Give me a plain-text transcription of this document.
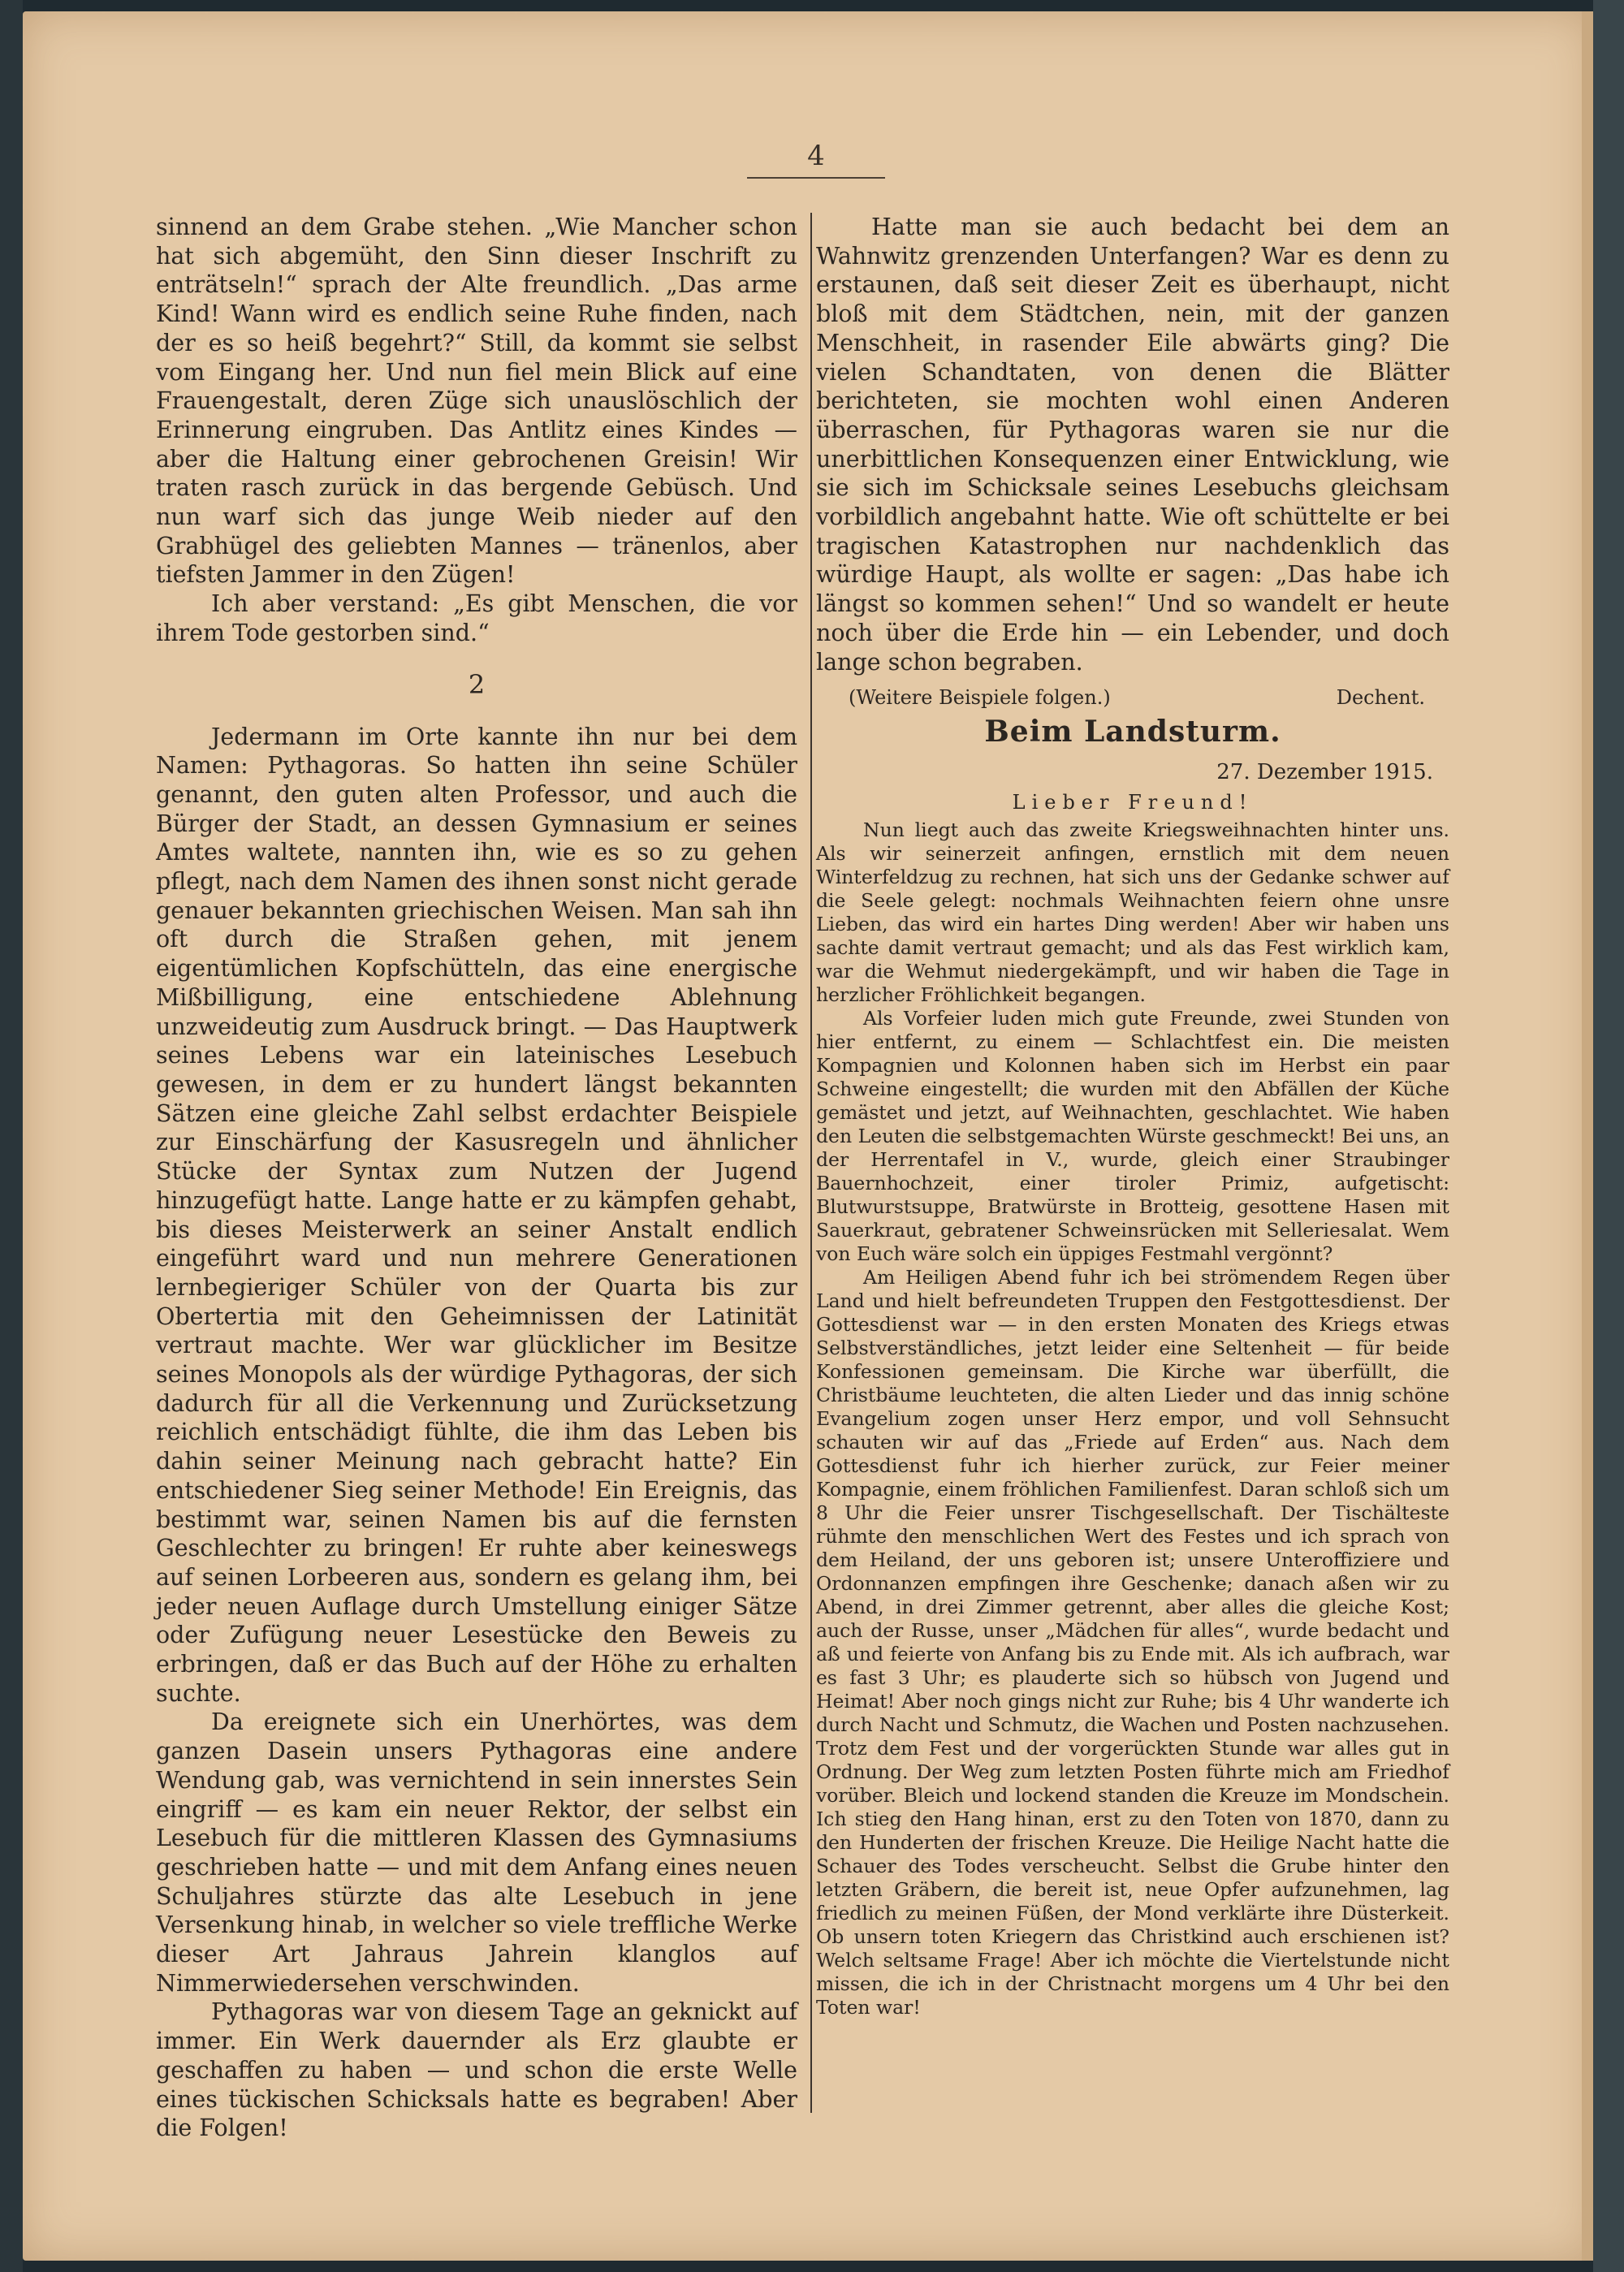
4

sinnend an dem Grabe stehen. „Wie Mancher schon hat sich abgemüht, den Sinn dieser Inschrift zu enträtseln!“ sprach der Alte freundlich. „Das arme Kind! Wann wird es endlich seine Ruhe finden, nach der es so heiß begehrt?“ Still, da kommt sie selbst vom Eingang her. Und nun fiel mein Blick auf eine Frauengestalt, deren Züge sich unauslöschlich der Erinnerung eingruben. Das Antlitz eines Kindes — aber die Haltung einer gebrochenen Greisin! Wir traten rasch zurück in das bergende Gebüsch. Und nun warf sich das junge Weib nieder auf den Grabhügel des geliebten Mannes — tränenlos, aber tiefsten Jammer in den Zügen!

Ich aber verstand: „Es gibt Menschen, die vor ihrem Tode gestorben sind.“

2

Jedermann im Orte kannte ihn nur bei dem Namen: Pythagoras. So hatten ihn seine Schüler genannt, den guten alten Professor, und auch die Bürger der Stadt, an dessen Gymnasium er seines Amtes waltete, nannten ihn, wie es so zu gehen pflegt, nach dem Namen des ihnen sonst nicht gerade genauer bekannten griechischen Weisen. Man sah ihn oft durch die Straßen gehen, mit jenem eigentümlichen Kopfschütteln, das eine energische Mißbilligung, eine entschiedene Ablehnung unzweideutig zum Ausdruck bringt. — Das Hauptwerk seines Lebens war ein lateinisches Lesebuch gewesen, in dem er zu hundert längst bekannten Sätzen eine gleiche Zahl selbst erdachter Beispiele zur Einschärfung der Kasusregeln und ähnlicher Stücke der Syntax zum Nutzen der Jugend hinzugefügt hatte. Lange hatte er zu kämpfen gehabt, bis dieses Meisterwerk an seiner Anstalt endlich eingeführt ward und nun mehrere Generationen lernbegieriger Schüler von der Quarta bis zur Obertertia mit den Geheimnissen der Latinität vertraut machte. Wer war glücklicher im Besitze seines Monopols als der würdige Pythagoras, der sich dadurch für all die Verkennung und Zurücksetzung reichlich entschädigt fühlte, die ihm das Leben bis dahin seiner Meinung nach gebracht hatte? Ein entschiedener Sieg seiner Methode! Ein Ereignis, das bestimmt war, seinen Namen bis auf die fernsten Geschlechter zu bringen! Er ruhte aber keineswegs auf seinen Lorbeeren aus, sondern es gelang ihm, bei jeder neuen Auflage durch Umstellung einiger Sätze oder Zufügung neuer Lesestücke den Beweis zu erbringen, daß er das Buch auf der Höhe zu erhalten suchte.

Da ereignete sich ein Unerhörtes, was dem ganzen Dasein unsers Pythagoras eine andere Wendung gab, was vernichtend in sein innerstes Sein eingriff — es kam ein neuer Rektor, der selbst ein Lesebuch für die mittleren Klassen des Gymnasiums geschrieben hatte — und mit dem Anfang eines neuen Schuljahres stürzte das alte Lesebuch in jene Versenkung hinab, in welcher so viele treffliche Werke dieser Art Jahraus Jahrein klanglos auf Nimmerwiedersehen verschwinden.

Pythagoras war von diesem Tage an geknickt auf immer. Ein Werk dauernder als Erz glaubte er geschaffen zu haben — und schon die erste Welle eines tückischen Schicksals hatte es begraben! Aber die Folgen!

Hatte man sie auch bedacht bei dem an Wahnwitz grenzenden Unterfangen? War es denn zu erstaunen, daß seit dieser Zeit es überhaupt, nicht bloß mit dem Städtchen, nein, mit der ganzen Menschheit, in rasender Eile abwärts ging? Die vielen Schandtaten, von denen die Blätter berichteten, sie mochten wohl einen Anderen überraschen, für Pythagoras waren sie nur die unerbittlichen Konsequenzen einer Entwicklung, wie sie sich im Schicksale seines Lesebuchs gleichsam vorbildlich angebahnt hatte. Wie oft schüttelte er bei tragischen Katastrophen nur nachdenklich das würdige Haupt, als wollte er sagen: „Das habe ich längst so kommen sehen!“ Und so wandelt er heute noch über die Erde hin — ein Lebender, und doch lange schon begraben.

(Weitere Beispiele folgen.)	Dechent.
Beim Landsturm.
27. Dezember 1915.
Lieber Freund!

Nun liegt auch das zweite Kriegsweihnachten hinter uns. Als wir seinerzeit anfingen, ernstlich mit dem neuen Winterfeldzug zu rechnen, hat sich uns der Gedanke schwer auf die Seele gelegt: nochmals Weihnachten feiern ohne unsre Lieben, das wird ein hartes Ding werden! Aber wir haben uns sachte damit vertraut gemacht; und als das Fest wirklich kam, war die Wehmut niedergekämpft, und wir haben die Tage in herzlicher Fröhlichkeit begangen.

Als Vorfeier luden mich gute Freunde, zwei Stunden von hier entfernt, zu einem — Schlachtfest ein. Die meisten Kompagnien und Kolonnen haben sich im Herbst ein paar Schweine eingestellt; die wurden mit den Abfällen der Küche gemästet und jetzt, auf Weihnachten, geschlachtet. Wie haben den Leuten die selbstgemachten Würste geschmeckt! Bei uns, an der Herrentafel in V., wurde, gleich einer Straubinger Bauernhochzeit, einer tiroler Primiz, aufgetischt: Blutwurstsuppe, Bratwürste in Brotteig, gesottene Hasen mit Sauerkraut, gebratener Schweinsrücken mit Selleriesalat. Wem von Euch wäre solch ein üppiges Festmahl vergönnt?

Am Heiligen Abend fuhr ich bei strömendem Regen über Land und hielt befreundeten Truppen den Festgottesdienst. Der Gottesdienst war — in den ersten Monaten des Kriegs etwas Selbstverständliches, jetzt leider eine Seltenheit — für beide Konfessionen gemeinsam. Die Kirche war überfüllt, die Christbäume leuchteten, die alten Lieder und das innig schöne Evangelium zogen unser Herz empor, und voll Sehnsucht schauten wir auf das „Friede auf Erden“ aus. Nach dem Gottesdienst fuhr ich hierher zurück, zur Feier meiner Kompagnie, einem fröhlichen Familienfest. Daran schloß sich um 8 Uhr die Feier unsrer Tischgesellschaft. Der Tischälteste rühmte den menschlichen Wert des Festes und ich sprach von dem Heiland, der uns geboren ist; unsere Unteroffiziere und Ordonnanzen empfingen ihre Geschenke; danach aßen wir zu Abend, in drei Zimmer getrennt, aber alles die gleiche Kost; auch der Russe, unser „Mädchen für alles“, wurde bedacht und aß und feierte von Anfang bis zu Ende mit. Als ich aufbrach, war es fast 3 Uhr; es plauderte sich so hübsch von Jugend und Heimat! Aber noch gings nicht zur Ruhe; bis 4 Uhr wanderte ich durch Nacht und Schmutz, die Wachen und Posten nachzusehen. Trotz dem Fest und der vorgerückten Stunde war alles gut in Ordnung. Der Weg zum letzten Posten führte mich am Friedhof vorüber. Bleich und lockend standen die Kreuze im Mondschein. Ich stieg den Hang hinan, erst zu den Toten von 1870, dann zu den Hunderten der frischen Kreuze. Die Heilige Nacht hatte die Schauer des Todes verscheucht. Selbst die Grube hinter den letzten Gräbern, die bereit ist, neue Opfer aufzunehmen, lag friedlich zu meinen Füßen, der Mond verklärte ihre Düsterkeit. Ob unsern toten Kriegern das Christkind auch erschienen ist? Welch seltsame Frage! Aber ich möchte die Viertelstunde nicht missen, die ich in der Christnacht morgens um 4 Uhr bei den Toten war!
